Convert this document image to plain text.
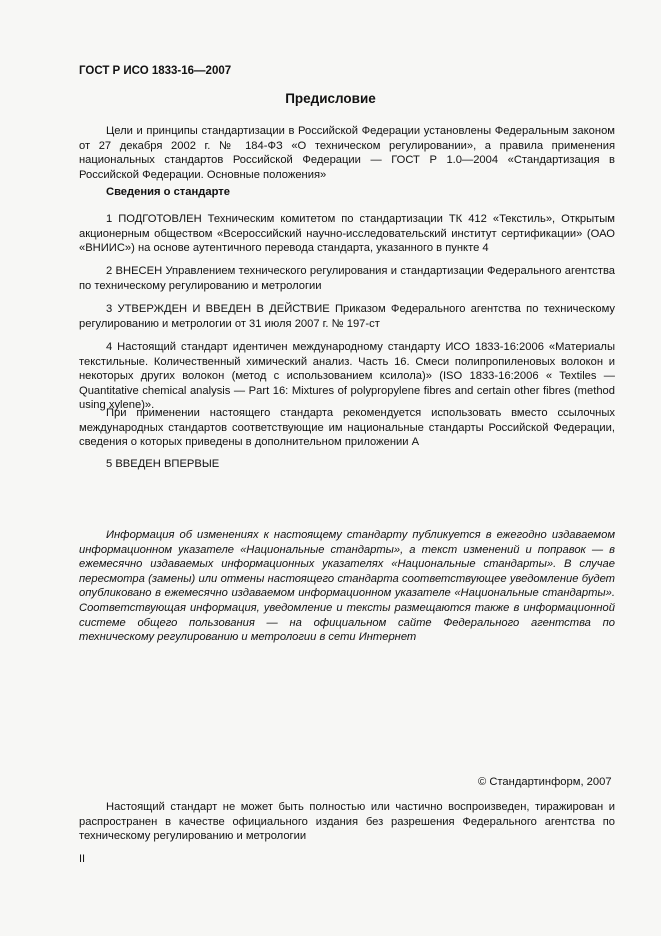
ГОСТ Р ИСО 1833-16—2007
Предисловие
Цели и принципы стандартизации в Российской Федерации установлены Федеральным законом от 27 декабря 2002 г. № 184-ФЗ «О техническом регулировании», а правила применения национальных стандартов Российской Федерации — ГОСТ Р 1.0—2004 «Стандартизация в Российской Федерации. Основные положения»
Сведения о стандарте
1 ПОДГОТОВЛЕН Техническим комитетом по стандартизации ТК 412 «Текстиль», Открытым акционерным обществом «Всероссийский научно-исследовательский институт сертификации» (ОАО «ВНИИС») на основе аутентичного перевода стандарта, указанного в пункте 4
2 ВНЕСЕН Управлением технического регулирования и стандартизации Федерального агентства по техническому регулированию и метрологии
3 УТВЕРЖДЕН И ВВЕДЕН В ДЕЙСТВИЕ Приказом Федерального агентства по техническому регулированию и метрологии от 31 июля 2007 г. № 197-ст
4 Настоящий стандарт идентичен международному стандарту ИСО 1833-16:2006 «Материалы текстильные. Количественный химический анализ. Часть 16. Смеси полипропиленовых волокон и некоторых других волокон (метод с использованием ксилола)» (ISO 1833-16:2006 « Textiles — Quantitative chemical analysis — Part 16: Mixtures of polypropylene fibres and certain other fibres (method using xylene)».
При применении настоящего стандарта рекомендуется использовать вместо ссылочных международных стандартов соответствующие им национальные стандарты Российской Федерации, сведения о которых приведены в дополнительном приложении А
5 ВВЕДЕН ВПЕРВЫЕ
Информация об изменениях к настоящему стандарту публикуется в ежегодно издаваемом информационном указателе «Национальные стандарты», а текст изменений и поправок — в ежемесячно издаваемых информационных указателях «Национальные стандарты». В случае пересмотра (замены) или отмены настоящего стандарта соответствующее уведомление будет опубликовано в ежемесячно издаваемом информационном указателе «Национальные стандарты». Соответствующая информация, уведомление и тексты размещаются также в информационной системе общего пользования — на официальном сайте Федерального агентства по техническому регулированию и метрологии в сети Интернет
© Стандартинформ, 2007
Настоящий стандарт не может быть полностью или частично воспроизведен, тиражирован и распространен в качестве официального издания без разрешения Федерального агентства по техническому регулированию и метрологии
II
